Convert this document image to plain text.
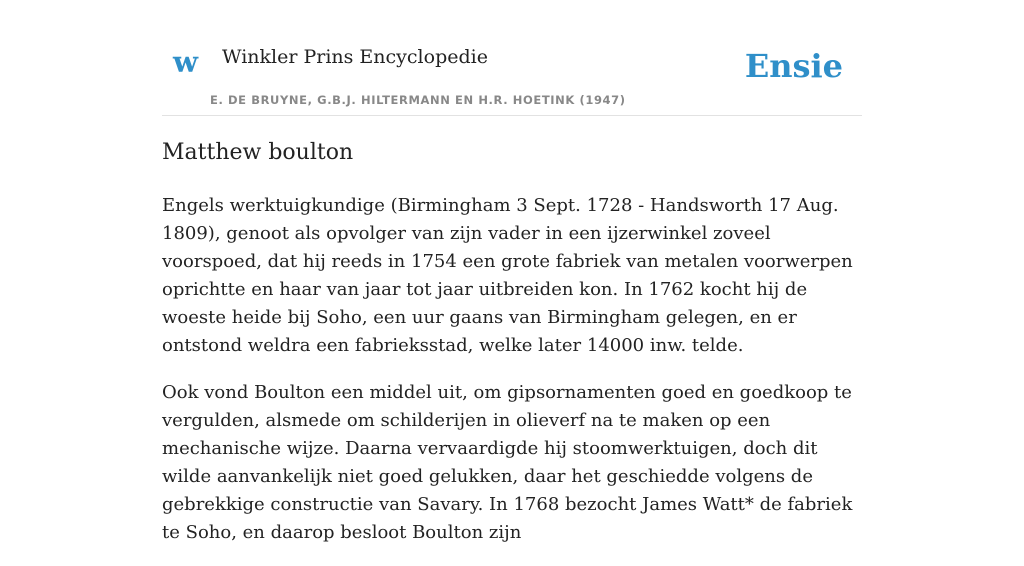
w Winkler Prins Encyclopedie
E. DE BRUYNE, G.B.J. HILTERMANN EN H.R. HOETINK (1947)
Ensie
Matthew boulton

Engels werktuigkundige (Birmingham 3 Sept. 1728 - Handsworth 17 Aug. 1809), genoot als opvolger van zijn vader in een ijzerwinkel zoveel voorspoed, dat hij reeds in 1754 een grote fabriek van metalen voorwerpen oprichtte en haar van jaar tot jaar uitbreiden kon. In 1762 kocht hij de woeste heide bij Soho, een uur gaans van Birmingham gelegen, en er ontstond weldra een fabrieksstad, welke later 14000 inw. telde.

Ook vond Boulton een middel uit, om gipsornamenten goed en goedkoop te vergulden, alsmede om schilderijen in olieverf na te maken op een mechanische wijze. Daarna vervaardigde hij stoomwerktuigen, doch dit wilde aanvankelijk niet goed gelukken, daar het geschiedde volgens de gebrekkige constructie van Savary. In 1768 bezocht James Watt* de fabriek te Soho, en daarop besloot Boulton zijn
